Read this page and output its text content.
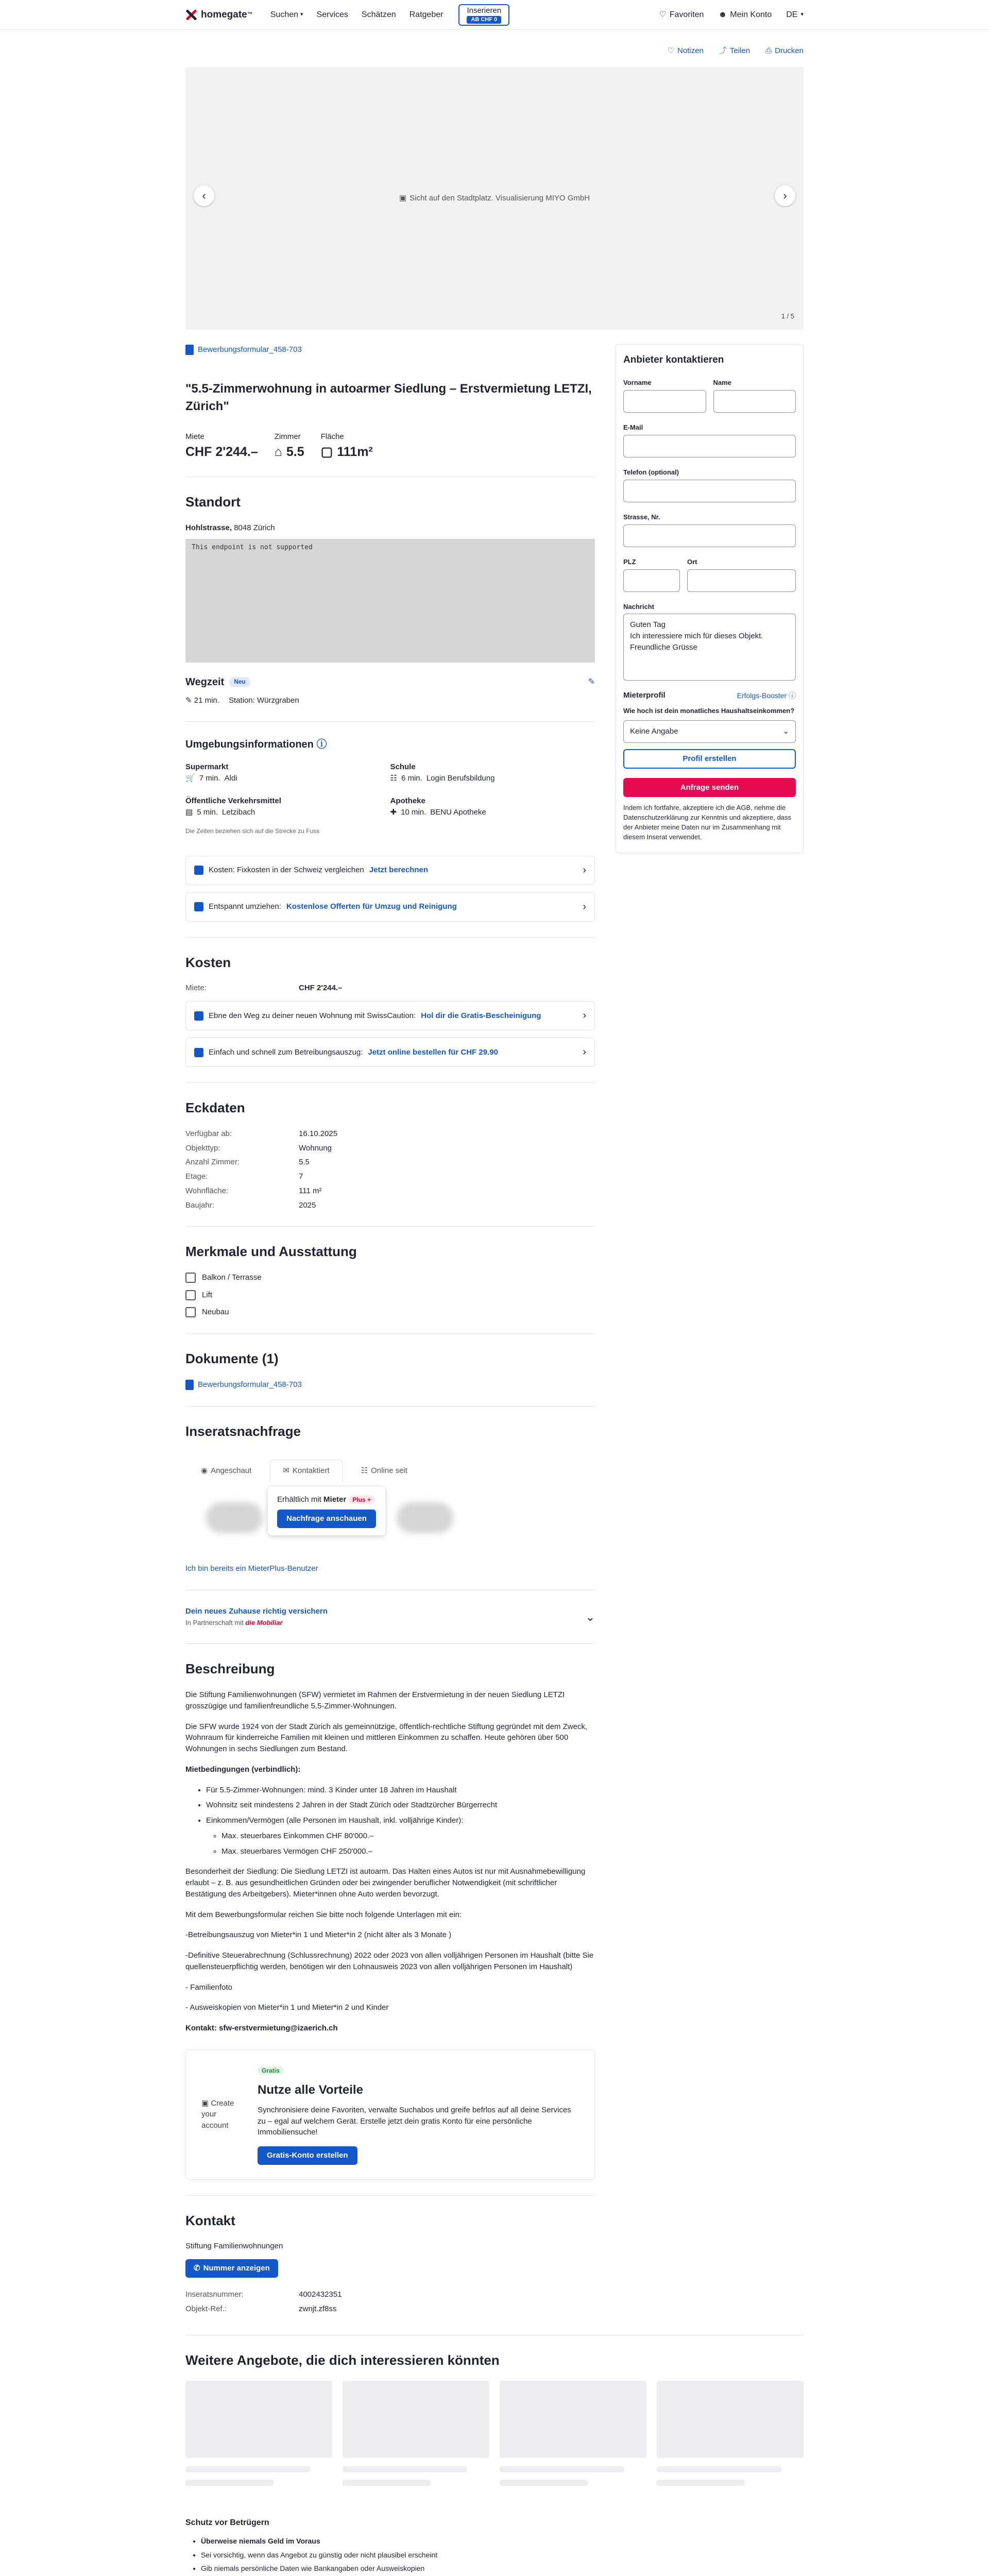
homegate ™ Suchen ▾ Services Schätzen Ratgeber	Inserieren
AB CHF 0
♡ Favoriten ☻ Mein Konto DE ▾
♡ Notizen ⤴ Teilen ⎙ Drucken
▣ Sicht auf den Stadtplatz. Visualisierung MIYO GmbH
‹	›
1 / 5
Bewerbungsformular_458-703
"5.5-Zimmerwohnung in autoarmer Siedlung – Erstvermietung LETZI, Zürich"
Miete
CHF 2'244.–
Zimmer
⌂ 5.5
Fläche
▢ 111m²
Standort
Hohlstrasse, 8048 Zürich
This endpoint is not supported
Wegzeit	Neu	✎
✎ 21 min. Station: Würzgraben
Umgebungsinformationen ⓘ
Supermarkt
🛒 7 min. Aldi
Schule
☷ 6 min. Login Berufsbildung
Öffentliche Verkehrsmittel
▤ 5 min. Letzibach
Apotheke
✚ 10 min. BENU Apotheke
Die Zeiten beziehen sich auf die Strecke zu Fuss
Kosten: Fixkosten in der Schweiz vergleichen Jetzt berechnen	›
Entspannt umziehen: Kostenlose Offerten für Umzug und Reinigung	›
Kosten
Miete:	CHF 2'244.–
Ebne den Weg zu deiner neuen Wohnung mit SwissCaution: Hol dir die Gratis-Bescheinigung	›
Einfach und schnell zum Betreibungsauszug: Jetzt online bestellen für CHF 29.90	›
Eckdaten
Verfügbar ab:	16.10.2025
Objekttyp:	Wohnung
Anzahl Zimmer:	5.5
Etage:	7
Wohnfläche:	111 m²
Baujahr:	2025
Merkmale und Ausstattung
Balkon / Terrasse
Lift
Neubau
Dokumente (1)
Bewerbungsformular_458-703
Inseratsnachfrage
◉ Angeschaut	✉ Kontaktiert	☷ Online seit
Erhältlich mit Mieter Plus +
Nachfrage anschauen
Ich bin bereits ein MieterPlus-Benutzer
Dein neues Zuhause richtig versichern
In Partnerschaft mit die Mobiliar	⌄
Beschreibung

Die Stiftung Familienwohnungen (SFW) vermietet im Rahmen der Erstvermietung in der neuen Siedlung LETZI grosszügige und familienfreundliche 5.5-Zimmer-Wohnungen.

Die SFW wurde 1924 von der Stadt Zürich als gemeinnützige, öffentlich-rechtliche Stiftung gegründet mit dem Zweck, Wohnraum für kinderreiche Familien mit kleinen und mittleren Einkommen zu schaffen. Heute gehören über 500 Wohnungen in sechs Siedlungen zum Bestand.

Mietbedingungen (verbindlich):

• Für 5.5-Zimmer-Wohnungen: mind. 3 Kinder unter 18 Jahren im Haushalt
• Wohnsitz seit mindestens 2 Jahren in der Stadt Zürich oder Stadtzürcher Bürgerrecht
• Einkommen/Vermögen (alle Personen im Haushalt, inkl. volljährige Kinder):
◦ Max. steuerbares Einkommen CHF 80'000.–
◦ Max. steuerbares Vermögen CHF 250'000.–

Besonderheit der Siedlung: Die Siedlung LETZI ist autoarm. Das Halten eines Autos ist nur mit Ausnahmebewilligung erlaubt – z. B. aus gesundheitlichen Gründen oder bei zwingender beruflicher Notwendigkeit (mit schriftlicher Bestätigung des Arbeitgebers). Mieter*innen ohne Auto werden bevorzugt.

Mit dem Bewerbungsformular reichen Sie bitte noch folgende Unterlagen mit ein:

-Betreibungsauszug von Mieter*in 1 und Mieter*in 2 (nicht älter als 3 Monate )

-Definitive Steuerabrechnung (Schlussrechnung) 2022 oder 2023 von allen volljährigen Personen im Haushalt (bitte Sie quellensteuerpflichtig werden, benötigen wir den Lohnausweis 2023 von allen volljährigen Personen im Haushalt)

- Familienfoto

- Ausweiskopien von Mieter*in 1 und Mieter*in 2 und Kinder

Kontakt: sfw-erstvermietung@izaerich.ch

▣ Create your account
Gratis
Nutze alle Vorteile

Synchronisiere deine Favoriten, verwalte Suchabos und greife befrlos auf all deine Services zu – egal auf welchem Gerät. Erstelle jetzt dein gratis Konto für eine persönliche Immobiliensuche!

Gratis-Konto erstellen
Kontakt
Stiftung Familienwohnungen
✆ Nummer anzeigen
Inseratsnummer:	4002432351
Objekt-Ref.:	zwnjt.zf8ss
Anbieter kontaktieren
Vorname	Name
E-Mail
Telefon (optional)
Strasse, Nr.
PLZ	Ort
Nachricht
Guten Tag
Ich interessiere mich für dieses Objekt.
Freundliche Grüsse
Mieterprofil	Erfolgs-Booster ⓘ
Wie hoch ist dein monatliches Haushaltseinkommen?
Keine Angabe	⌄
Profil erstellen
Anfrage senden
Indem ich fortfahre, akzeptiere ich die AGB, nehme die Datenschutzerklärung zur Kenntnis und akzeptiere, dass der Anbieter meine Daten nur im Zusammenhang mit diesem Inserat verwendet.
Weitere Angebote, die dich interessieren könnten
Schutz vor Betrügern
• Überweise niemals Geld im Voraus
• Sei vorsichtig, wenn das Angebot zu günstig oder nicht plausibel erscheint
• Gib niemals persönliche Daten wie Bankangaben oder Ausweiskopien
